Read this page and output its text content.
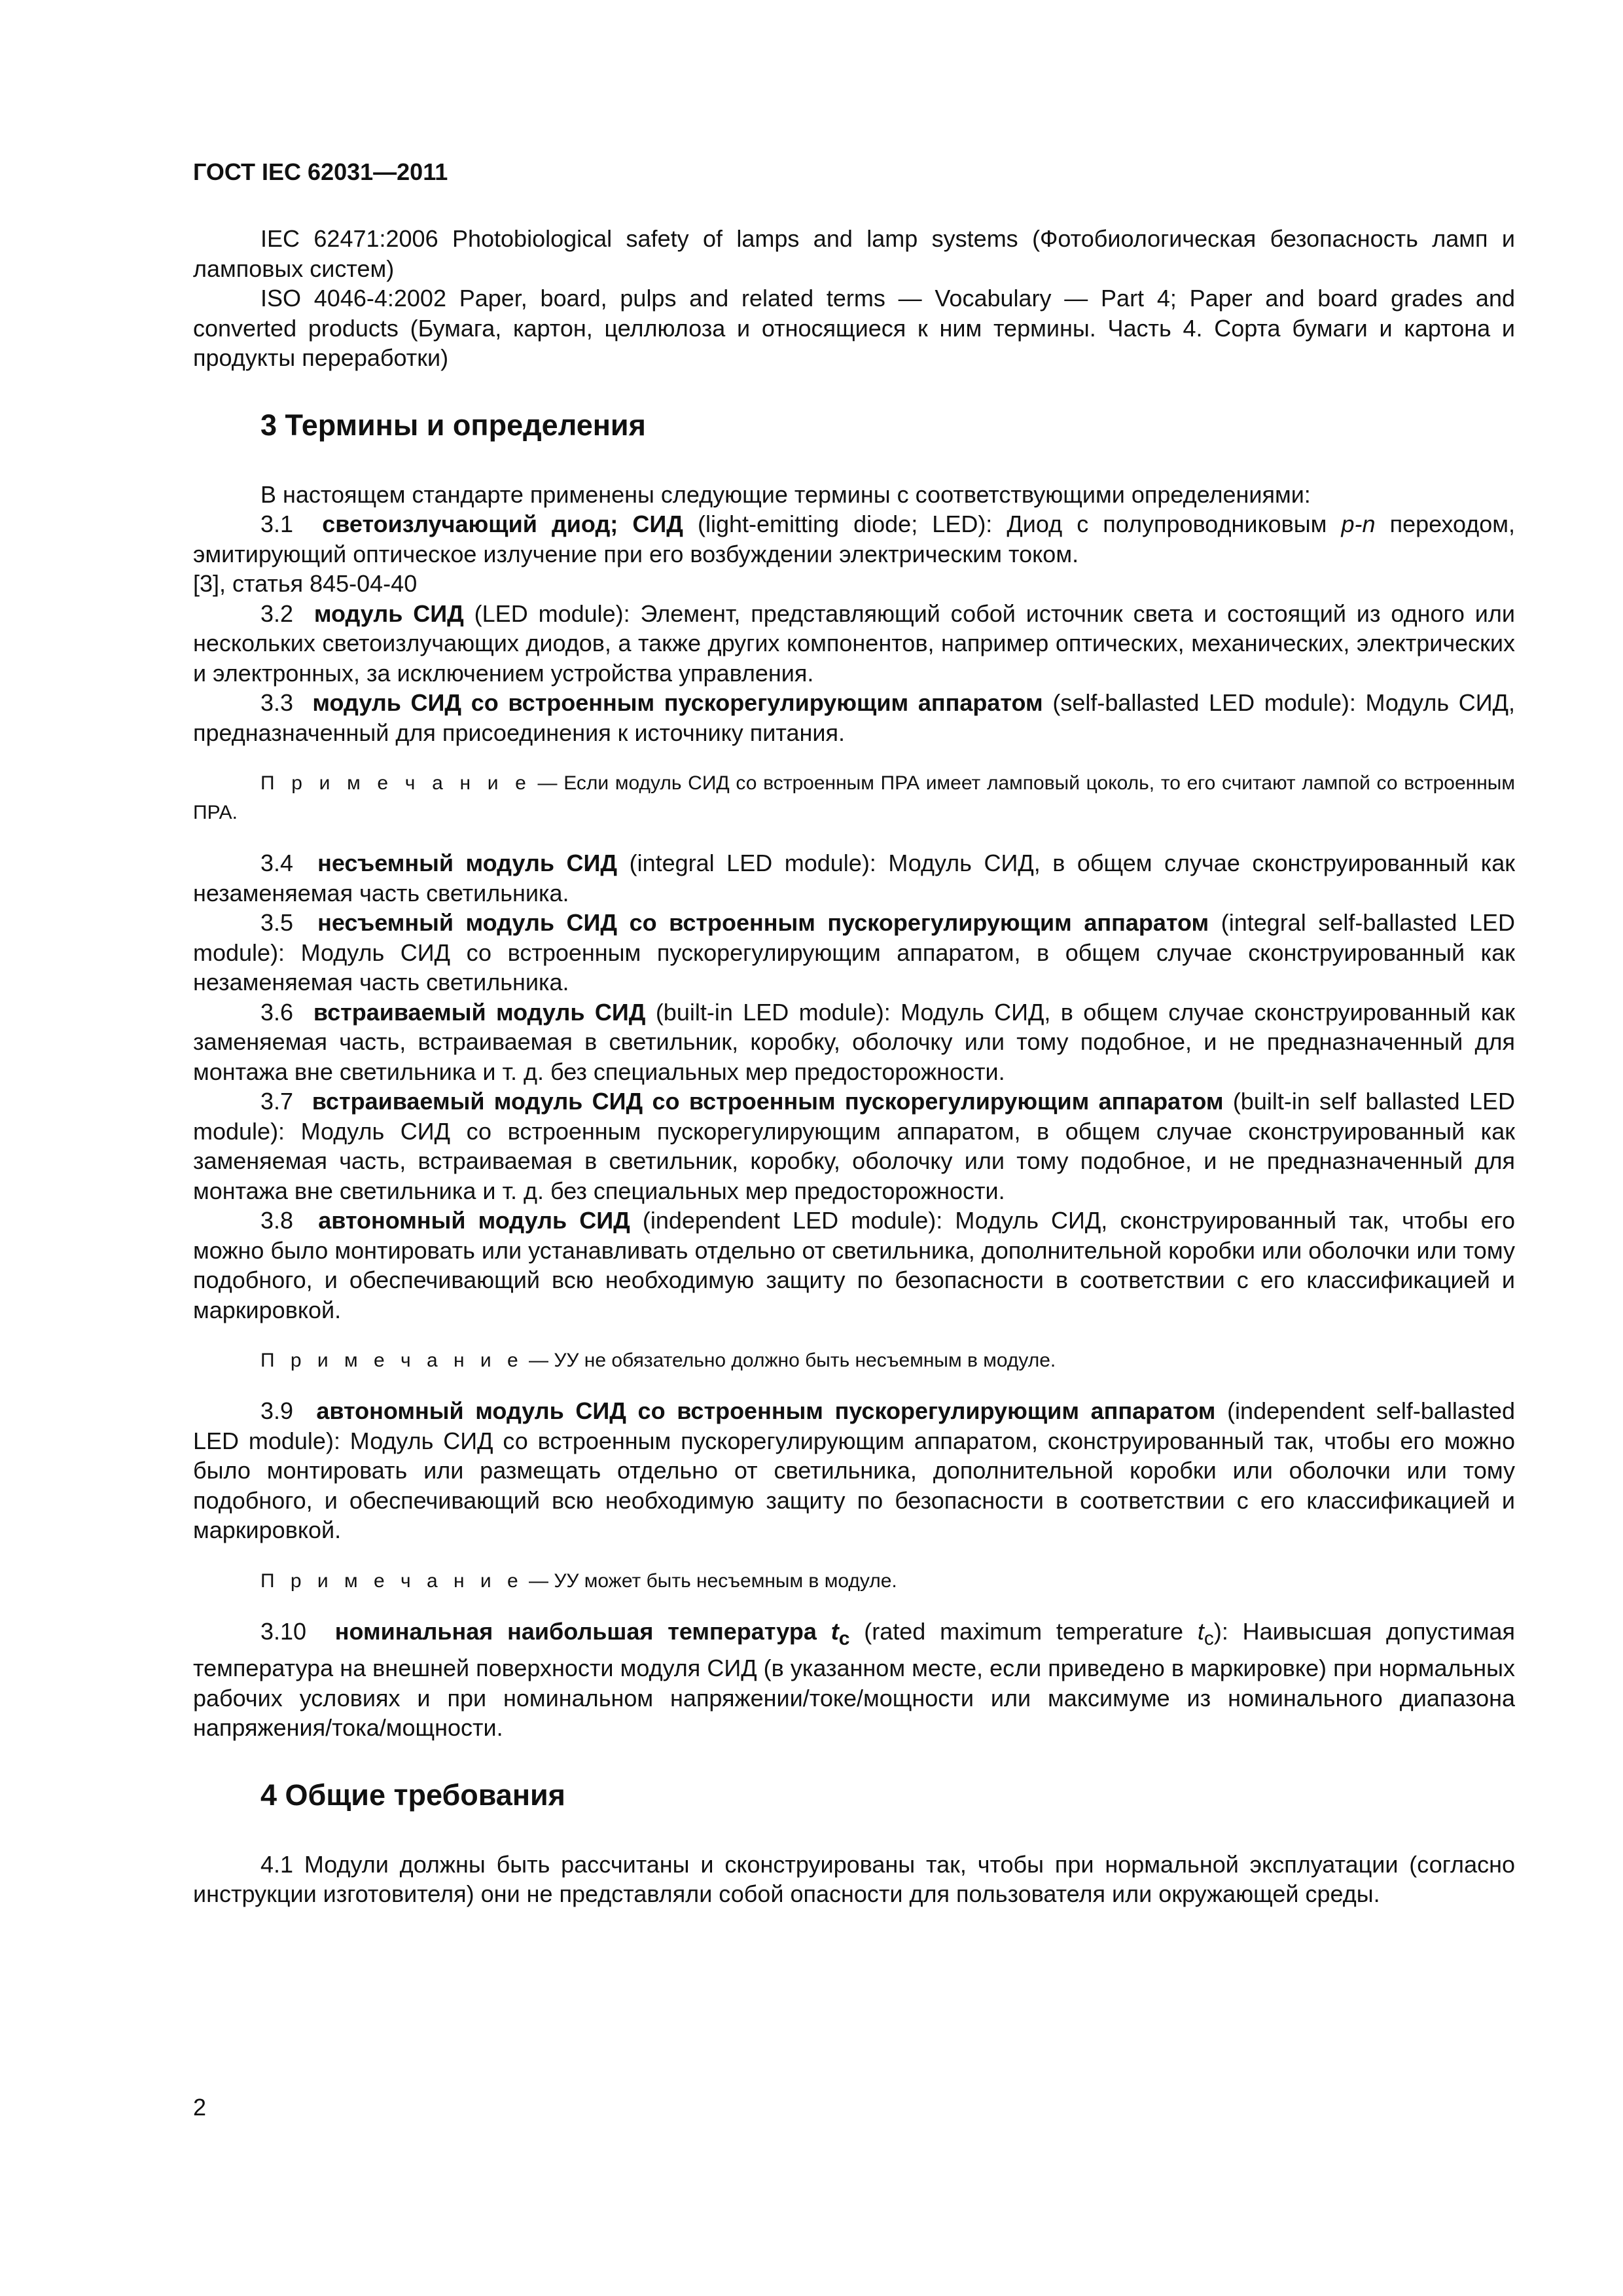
ГОСТ IEC 62031—2011

IEC 62471:2006 Photobiological safety of lamps and lamp systems (Фотобиологическая безопасность ламп и ламповых систем)

ISO 4046-4:2002 Paper, board, pulps and related terms — Vocabulary — Part 4; Paper and board grades and converted products (Бумага, картон, целлюлоза и относящиеся к ним термины. Часть 4. Сорта бумаги и картона и продукты переработки)

3 Термины и определения

В настоящем стандарте применены следующие термины с соответствующими определениями:

3.1 светоизлучающий диод; СИД (light-emitting diode; LED): Диод с полупроводниковым p-n переходом, эмитирующий оптическое излучение при его возбуждении электрическим током.

[3], статья 845-04-40

3.2 модуль СИД (LED module): Элемент, представляющий собой источник света и состоящий из одного или нескольких светоизлучающих диодов, а также других компонентов, например оптических, механических, электрических и электронных, за исключением устройства управления.

3.3 модуль СИД со встроенным пускорегулирующим аппаратом (self-ballasted LED module): Модуль СИД, предназначенный для присоединения к источнику питания.

П р и м е ч а н и е — Если модуль СИД со встроенным ПРА имеет ламповый цоколь, то его считают лампой со встроенным ПРА.

3.4 несъемный модуль СИД (integral LED module): Модуль СИД, в общем случае сконструированный как незаменяемая часть светильника.

3.5 несъемный модуль СИД со встроенным пускорегулирующим аппаратом (integral self-ballasted LED module): Модуль СИД со встроенным пускорегулирующим аппаратом, в общем случае сконструированный как незаменяемая часть светильника.

3.6 встраиваемый модуль СИД (built-in LED module): Модуль СИД, в общем случае сконструированный как заменяемая часть, встраиваемая в светильник, коробку, оболочку или тому подобное, и не предназначенный для монтажа вне светильника и т. д. без специальных мер предосторожности.

3.7 встраиваемый модуль СИД со встроенным пускорегулирующим аппаратом (built-in self ballasted LED module): Модуль СИД со встроенным пускорегулирующим аппаратом, в общем случае сконструированный как заменяемая часть, встраиваемая в светильник, коробку, оболочку или тому подобное, и не предназначенный для монтажа вне светильника и т. д. без специальных мер предосторожности.

3.8 автономный модуль СИД (independent LED module): Модуль СИД, сконструированный так, чтобы его можно было монтировать или устанавливать отдельно от светильника, дополнительной коробки или оболочки или тому подобного, и обеспечивающий всю необходимую защиту по безопасности в соответствии с его классификацией и маркировкой.

П р и м е ч а н и е — УУ не обязательно должно быть несъемным в модуле.

3.9 автономный модуль СИД со встроенным пускорегулирующим аппаратом (independent self-ballasted LED module): Модуль СИД со встроенным пускорегулирующим аппаратом, сконструированный так, чтобы его можно было монтировать или размещать отдельно от светильника, дополнительной коробки или оболочки или тому подобного, и обеспечивающий всю необходимую защиту по безопасности в соответствии с его классификацией и маркировкой.

П р и м е ч а н и е — УУ может быть несъемным в модуле.

3.10 номинальная наибольшая температура $t_c$ (rated maximum temperature $t_c$): Наивысшая допустимая температура на внешней поверхности модуля СИД (в указанном месте, если приведено в маркировке) при нормальных рабочих условиях и при номинальном напряжении/токе/мощности или максимуме из номинального диапазона напряжения/тока/мощности.

4 Общие требования

4.1 Модули должны быть рассчитаны и сконструированы так, чтобы при нормальной эксплуатации (согласно инструкции изготовителя) они не представляли собой опасности для пользователя или окружающей среды.

2
